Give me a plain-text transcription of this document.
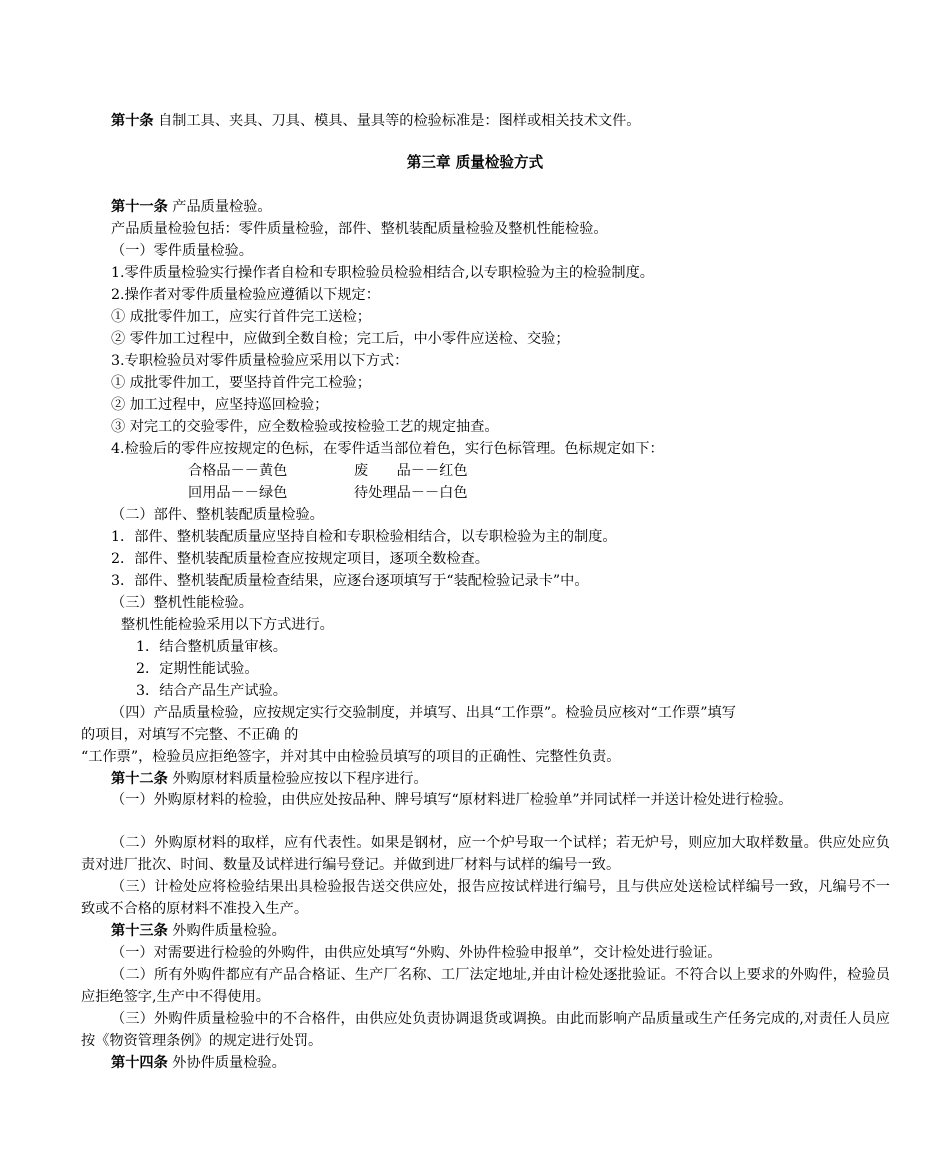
第十条 自制工具、夹具、刀具、模具、量具等的检验标准是：图样或相关技术文件。
第三章 质量检验方式
第十一条 产品质量检验。
产品质量检验包括：零件质量检验，部件、整机装配质量检验及整机性能检验。
（一）零件质量检验。
1.零件质量检验实行操作者自检和专职检验员检验相结合,以专职检验为主的检验制度。
2.操作者对零件质量检验应遵循以下规定：
① 成批零件加工，应实行首件完工送检；
② 零件加工过程中，应做到全数自检；完工后，中小零件应送检、交验；
3.专职检验员对零件质量检验应采用以下方式：
① 成批零件加工，要坚持首件完工检验；
② 加工过程中，应坚持巡回检验；
③ 对完工的交验零件，应全数检验或按检验工艺的规定抽查。
4.检验后的零件应按规定的色标，在零件适当部位着色，实行色标管理。色标规定如下：
合格品－－黄色	废　　品－－红色
回用品－－绿色	待处理品－－白色
（二）部件、整机装配质量检验。
1．部件、整机装配质量应坚持自检和专职检验相结合，以专职检验为主的制度。
2．部件、整机装配质量检查应按规定项目，逐项全数检查。
3．部件、整机装配质量检查结果，应逐台逐项填写于“装配检验记录卡”中。
（三）整机性能检验。
整机性能检验采用以下方式进行。
1．结合整机质量审核。
2．定期性能试验。
3．结合产品生产试验。
（四）产品质量检验，应按规定实行交验制度，并填写、出具“工作票”。检验员应核对“工作票”填写
的项目，对填写不完整、不正确 的
“工作票”，检验员应拒绝签字，并对其中由检验员填写的项目的正确性、完整性负责。
第十二条 外购原材料质量检验应按以下程序进行。
（一）外购原材料的检验，由供应处按品种、牌号填写“原材料进厂检验单”并同试样一并送计检处进行检验。
（二）外购原材料的取样，应有代表性。如果是钢材，应一个炉号取一个试样；若无炉号，则应加大取样数量。供应处应负责对进厂批次、时间、数量及试样进行编号登记。并做到进厂材料与试样的编号一致。
（三）计检处应将检验结果出具检验报告送交供应处，报告应按试样进行编号，且与供应处送检试样编号一致，凡编号不一致或不合格的原材料不准投入生产。
第十三条 外购件质量检验。
（一）对需要进行检验的外购件，由供应处填写“外购、外协件检验申报单”，交计检处进行验证。
（二）所有外购件都应有产品合格证、生产厂名称、工厂法定地址,并由计检处逐批验证。不符合以上要求的外购件，检验员应拒绝签字,生产中不得使用。
（三）外购件质量检验中的不合格件，由供应处负责协调退货或调换。由此而影响产品质量或生产任务完成的,对责任人员应按《物资管理条例》的规定进行处罚。
第十四条 外协件质量检验。
